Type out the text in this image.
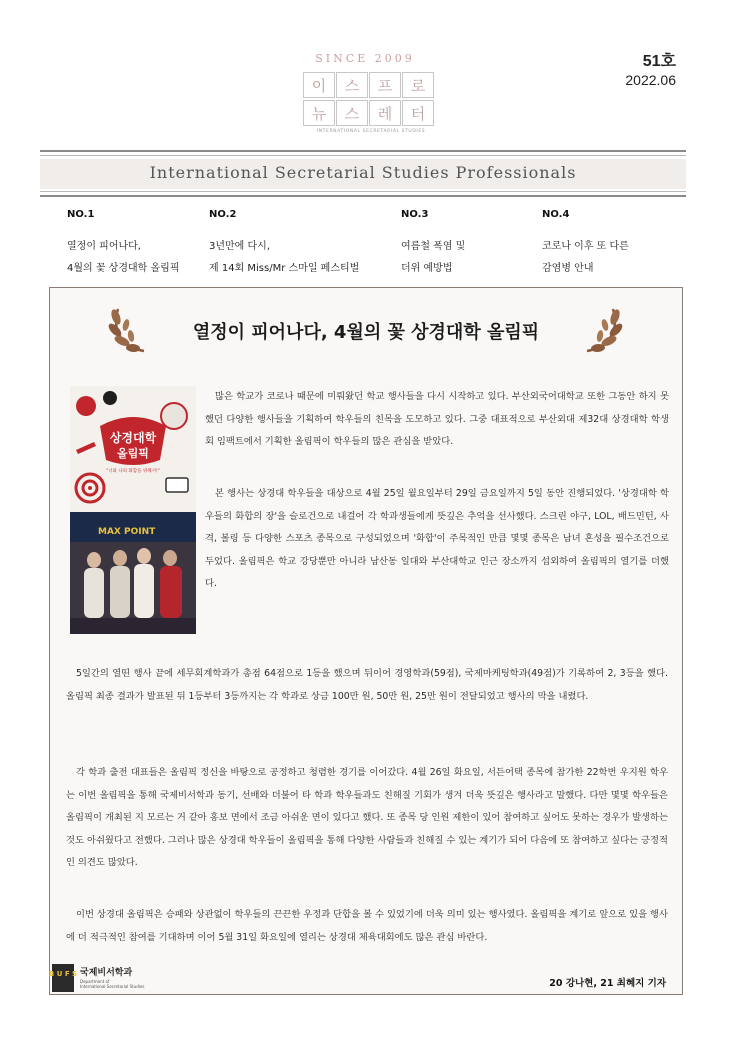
SINCE 2009
이	스	프	로
뉴	스	레	터
INTERNATIONAL SECRETARIAL STUDIES
51호
2022.06
International Secretarial Studies Professionals
NO.1
열정이 피어나다,
4월의 꽃 상경대학 올림픽
NO.2
3년만에 다시,
제 14회 Miss/Mr 스마일 페스티벌
NO.3
여름철 폭염 및
더위 예방법
NO.4
코로나 이후 또 다른
감염병 안내
열정이 피어나다, 4월의 꽃 상경대학 올림픽
상경대학
올림픽
"너와 나의 화합을 위해서!"
MAX POINT
많은 학교가 코로나 때문에 미뤄왔던 학교 행사들을 다시 시작하고 있다. 부산외국어대학교 또한 그동안 하지 못했던 다양한 행사들을 기획하여 학우들의 친목을 도모하고 있다. 그중 대표적으로 부산외대 제32대 상경대학 학생회 임팩트에서 기획한 올림픽이 학우들의 많은 관심을 받았다.
본 행사는 상경대 학우들을 대상으로 4월 25일 월요일부터 29일 금요일까지 5일 동안 진행되었다. '상경대학 학우들의 화합의 장'을 슬로건으로 내걸어 각 학과생들에게 뜻깊은 추억을 선사했다. 스크린 야구, LOL, 배드민턴, 사격, 볼링 등 다양한 스포츠 종목으로 구성되었으며 '화합'이 주목적인 만큼 몇몇 종목은 남녀 혼성을 필수조건으로 두었다. 올림픽은 학교 강당뿐만 아니라 남산동 일대와 부산대학교 인근 장소까지 섭외하여 올림픽의 열기를 더했다.
5일간의 열띤 행사 끝에 세무회계학과가 총점 64점으로 1등을 했으며 뒤이어 경영학과(59점), 국제마케팅학과(49점)가 기록하여 2, 3등을 했다. 올림픽 최종 결과가 발표된 뒤 1등부터 3등까지는 각 학과로 상금 100만 원, 50만 원, 25만 원이 전달되었고 행사의 막을 내렸다.
각 학과 출전 대표들은 올림픽 정신을 바탕으로 공정하고 청렴한 경기를 이어갔다. 4월 26일 화요일, 서든어택 종목에 참가한 22학번 우지원 학우는 이번 올림픽을 통해 국제비서학과 동기, 선배와 더불어 타 학과 학우들과도 친해질 기회가 생겨 더욱 뜻깊은 행사라고 말했다. 다만 몇몇 학우들은 올림픽이 개최된 지 모르는 거 같아 홍보 면에서 조금 아쉬운 면이 있다고 했다. 또 종목 당 인원 제한이 있어 참여하고 싶어도 못하는 경우가 발생하는 것도 아쉬웠다고 전했다. 그러나 많은 상경대 학우들이 올림픽을 통해 다양한 사람들과 친해질 수 있는 계기가 되어 다음에 또 참여하고 싶다는 긍정적인 의견도 많았다.
이번 상경대 올림픽은 승패와 상관없이 학우들의 끈끈한 우정과 단합을 볼 수 있었기에 더욱 의미 있는 행사였다. 올림픽을 계기로 앞으로 있을 행사에 더 적극적인 참여를 기대하며 이어 5월 31일 화요일에 열리는 상경대 체육대회에도 많은 관심 바란다.
B U F S 국제비서학과
Department of
International Secretarial Studies	20 강나현, 21 최혜지 기자
